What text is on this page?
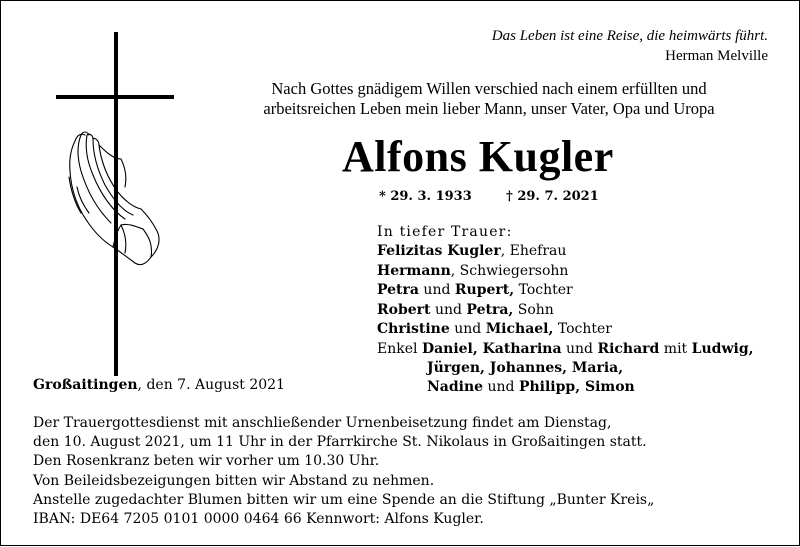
Das Leben ist eine Reise, die heimwärts führt.
Herman Melville
Nach Gottes gnädigem Willen verschied nach einem erfüllten und arbeitsreichen Leben mein lieber Mann, unser Vater, Opa und Uropa
Alfons Kugler
* 29. 3. 1933	† 29. 7. 2021
In tiefer Trauer:
Felizitas Kugler, Ehefrau
Hermann, Schwiegersohn
Petra und Rupert, Tochter
Robert und Petra, Sohn
Christine und Michael, Tochter
Enkel Daniel, Katharina und Richard mit Ludwig,
Jürgen, Johannes, Maria,
Nadine und Philipp, Simon
Großaitingen, den 7. August 2021
Der Trauergottesdienst mit anschließender Urnenbeisetzung findet am Dienstag,
den 10. August 2021, um 11 Uhr in der Pfarrkirche St. Nikolaus in Großaitingen statt.
Den Rosenkranz beten wir vorher um 10.30 Uhr.
Von Beileidsbezeigungen bitten wir Abstand zu nehmen.
Anstelle zugedachter Blumen bitten wir um eine Spende an die Stiftung „Bunter Kreis„
IBAN: DE64 7205 0101 0000 0464 66 Kennwort: Alfons Kugler.
